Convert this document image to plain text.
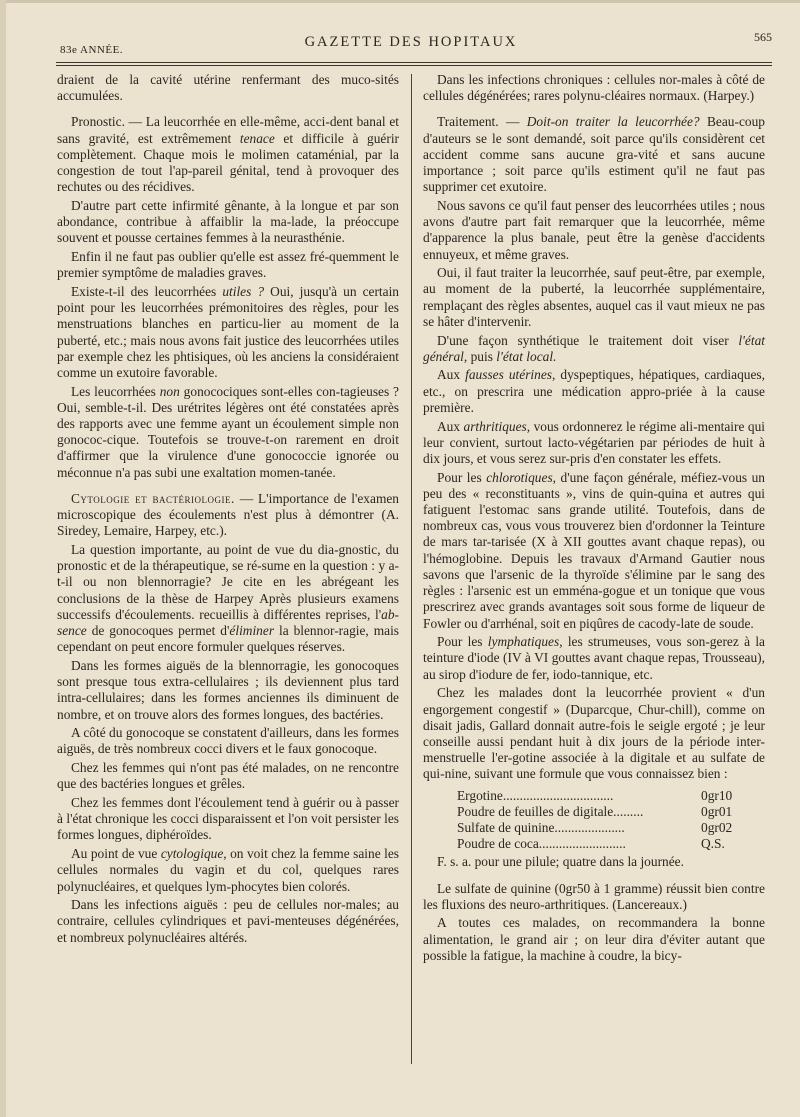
83e ANNÉE.	GAZETTE DES HOPITAUX	565

draient de la cavité utérine renfermant des muco-sités accumulées.

Pronostic. — La leucorrhée en elle-même, acci-dent banal et sans gravité, est extrêmement tenace et difficile à guérir complètement. Chaque mois le molimen cataménial, par la congestion de tout l'ap-pareil génital, tend à provoquer des rechutes ou des récidives.

D'autre part cette infirmité gênante, à la longue et par son abondance, contribue à affaiblir la ma-lade, la préoccupe souvent et pousse certaines femmes à la neurasthénie.

Enfin il ne faut pas oublier qu'elle est assez fré-quemment le premier symptôme de maladies graves.

Existe-t-il des leucorrhées utiles ? Oui, jusqu'à un certain point pour les leucorrhées prémonitoires des règles, pour les menstruations blanches en particu-lier au moment de la puberté, etc.; mais nous avons fait justice des leucorrhées utiles par exemple chez les phtisiques, où les anciens la considéraient comme un exutoire favorable.

Les leucorrhées non gonocociques sont-elles con-tagieuses ? Oui, semble-t-il. Des urétrites légères ont été constatées après des rapports avec une femme ayant un écoulement simple non gonococ-cique. Toutefois se trouve-t-on rarement en droit d'affirmer que la virulence d'une gonococcie ignorée ou méconnue n'a pas subi une exaltation momen-tanée.

Cytologie et bactériologie. — L'importance de l'examen microscopique des écoulements n'est plus à démontrer (A. Siredey, Lemaire, Harpey, etc.).

La question importante, au point de vue du dia-gnostic, du pronostic et de la thérapeutique, se ré-sume en la question : y a-t-il ou non blennorragie? Je cite en les abrégeant les conclusions de la thèse de Harpey Après plusieurs examens successifs d'écoulements. recueillis à différentes reprises, l'ab-sence de gonocoques permet d'éliminer la blennor-ragie, mais cependant on peut encore formuler quelques réserves.

Dans les formes aiguës de la blennorragie, les gonocoques sont presque tous extra-cellulaires ; ils deviennent plus tard intra-cellulaires; dans les formes anciennes ils diminuent de nombre, et on trouve alors des formes longues, des bactéries.

A côté du gonocoque se constatent d'ailleurs, dans les formes aiguës, de très nombreux cocci divers et le faux gonocoque.

Chez les femmes qui n'ont pas été malades, on ne rencontre que des bactéries longues et grêles.

Chez les femmes dont l'écoulement tend à guérir ou à passer à l'état chronique les cocci disparaissent et l'on voit persister les formes longues, diphéroïdes.

Au point de vue cytologique, on voit chez la femme saine les cellules normales du vagin et du col, quelques rares polynucléaires, et quelques lym-phocytes bien colorés.

Dans les infections aiguës : peu de cellules nor-males; au contraire, cellules cylindriques et pavi-menteuses dégénérées, et nombreux polynucléaires altérés.

Dans les infections chroniques : cellules nor-males à côté de cellules dégénérées; rares polynu-cléaires normaux. (Harpey.)

Traitement. — Doit-on traiter la leucorrhée? Beau-coup d'auteurs se le sont demandé, soit parce qu'ils considèrent cet accident comme sans aucune gra-vité et sans aucune importance ; soit parce qu'ils estiment qu'il ne faut pas supprimer cet exutoire.

Nous savons ce qu'il faut penser des leucorrhées utiles ; nous avons d'autre part fait remarquer que la leucorrhée, même d'apparence la plus banale, peut être la genèse d'accidents ennuyeux, et même graves.

Oui, il faut traiter la leucorrhée, sauf peut-être, par exemple, au moment de la puberté, la leucorrhée supplémentaire, remplaçant des règles absentes, auquel cas il vaut mieux ne pas se hâter d'intervenir.

D'une façon synthétique le traitement doit viser l'état général, puis l'état local.

Aux fausses utérines, dyspeptiques, hépatiques, cardiaques, etc., on prescrira une médication appro-priée à la cause première.

Aux arthritiques, vous ordonnerez le régime ali-mentaire qui leur convient, surtout lacto-végétarien par périodes de huit à dix jours, et vous serez sur-pris d'en constater les effets.

Pour les chlorotiques, d'une façon générale, méfiez-vous un peu des « reconstituants », vins de quin-quina et autres qui fatiguent l'estomac sans grande utilité. Toutefois, dans de nombreux cas, vous vous trouverez bien d'ordonner la Teinture de mars tar-tarisée (X à XII gouttes avant chaque repas), ou l'hémoglobine. Depuis les travaux d'Armand Gautier nous savons que l'arsenic de la thyroïde s'élimine par le sang des règles : l'arsenic est un emména-gogue et un tonique que vous prescrirez avec grands avantages soit sous forme de liqueur de Fowler ou d'arrhénal, soit en piqûres de cacody-late de soude.

Pour les lymphatiques, les strumeuses, vous son-gerez à la teinture d'iode (IV à VI gouttes avant chaque repas, Trousseau), au sirop d'iodure de fer, iodo-tannique, etc.

Chez les malades dont la leucorrhée provient « d'un engorgement congestif » (Duparcque, Chur-chill), comme on disait jadis, Gallard donnait autre-fois le seigle ergoté ; je leur conseille aussi pendant huit à dix jours de la période inter-menstruelle l'er-gotine associée à la digitale et au sulfate de qui-nine, suivant une formule que vous connaissez bien :

Ergotine.................................	0gr10
Poudre de feuilles de digitale.........	0gr01
Sulfate de quinine.....................	0gr02
Poudre de coca..........................	Q.S.

F. s. a. pour une pilule; quatre dans la journée.

Le sulfate de quinine (0gr50 à 1 gramme) réussit bien contre les fluxions des neuro-arthritiques. (Lancereaux.)

A toutes ces malades, on recommandera la bonne alimentation, le grand air ; on leur dira d'éviter autant que possible la fatigue, la machine à coudre, la bicy-
